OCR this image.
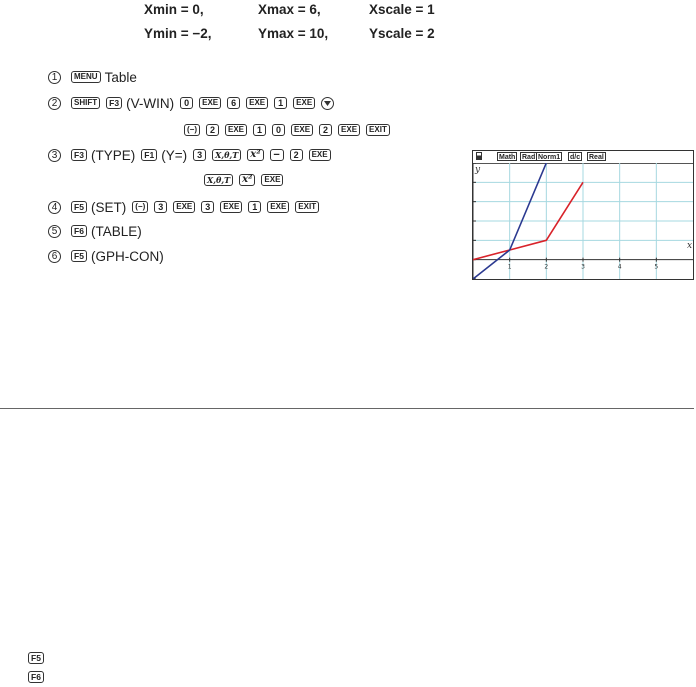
Xmin = 0,	Xmax = 6,	Xscale = 1
Ymin = −2,	Ymax = 10,	Yscale = 2
1	MENU Table
2	SHIFT	F3 (V-WIN)	0	EXE	6	EXE	1	EXE
(−)	2	EXE	1	0	EXE	2	EXE	EXIT
3	F3 (TYPE)	F1 (Y=)	3	X,θ,T	x²	−	2	EXE
X,θ,T	x²	EXE
4	F5 (SET)	(−)	3	EXE	3	EXE	1	EXE	EXIT
5	F6 (TABLE)
6	F5 (GPH-CON)
Math Rad Norm1 d/c Real
1	2	3	4	5
x
y
F5
F6
